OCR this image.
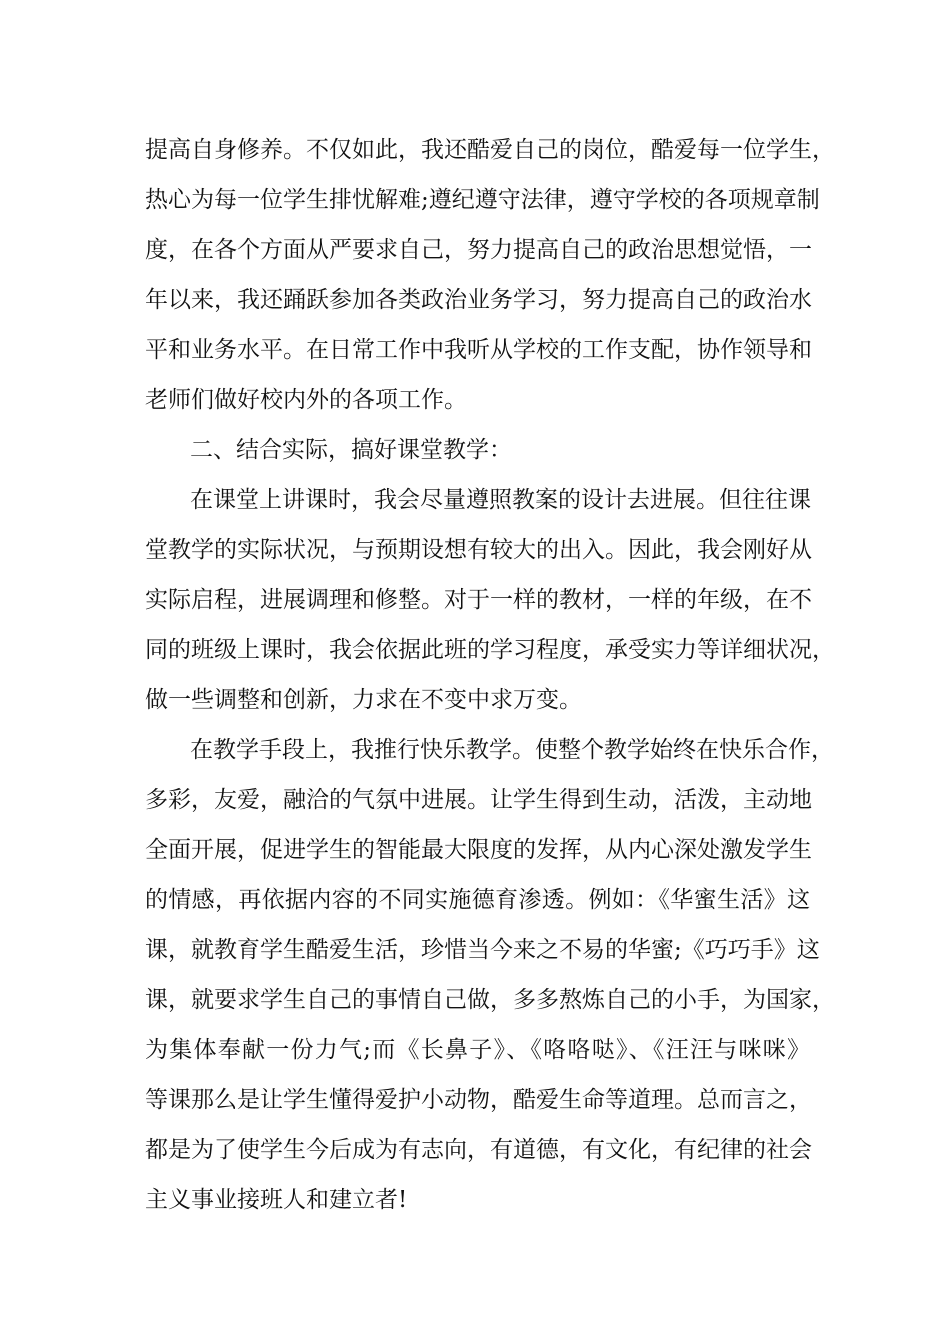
提高自身修养。不仅如此，我还酷爱自己的岗位，酷爱每一位学生，
热心为每一位学生排忧解难;遵纪遵守法律，遵守学校的各项规章制
度，在各个方面从严要求自己，努力提高自己的政治思想觉悟，一
年以来，我还踊跃参加各类政治业务学习，努力提高自己的政治水
平和业务水平。在日常工作中我听从学校的工作支配，协作领导和
老师们做好校内外的各项工作。
二、结合实际，搞好课堂教学：
在课堂上讲课时，我会尽量遵照教案的设计去进展。但往往课
堂教学的实际状况，与预期设想有较大的出入。因此，我会刚好从
实际启程，进展调理和修整。对于一样的教材，一样的年级，在不
同的班级上课时，我会依据此班的学习程度，承受实力等详细状况，
做一些调整和创新，力求在不变中求万变。
在教学手段上，我推行快乐教学。使整个教学始终在快乐合作，
多彩，友爱，融洽的气氛中进展。让学生得到生动，活泼，主动地
全面开展，促进学生的智能最大限度的发挥，从内心深处激发学生
的情感，再依据内容的不同实施德育渗透。例如：《华蜜生活》这
课，就教育学生酷爱生活，珍惜当今来之不易的华蜜;《巧巧手》这
课，就要求学生自己的事情自己做，多多熬炼自己的小手，为国家，
为集体奉献一份力气;而《长鼻子》、《咯咯哒》、《汪汪与咪咪》
等课那么是让学生懂得爱护小动物，酷爱生命等道理。总而言之，
都是为了使学生今后成为有志向，有道德，有文化，有纪律的社会
主义事业接班人和建立者!
